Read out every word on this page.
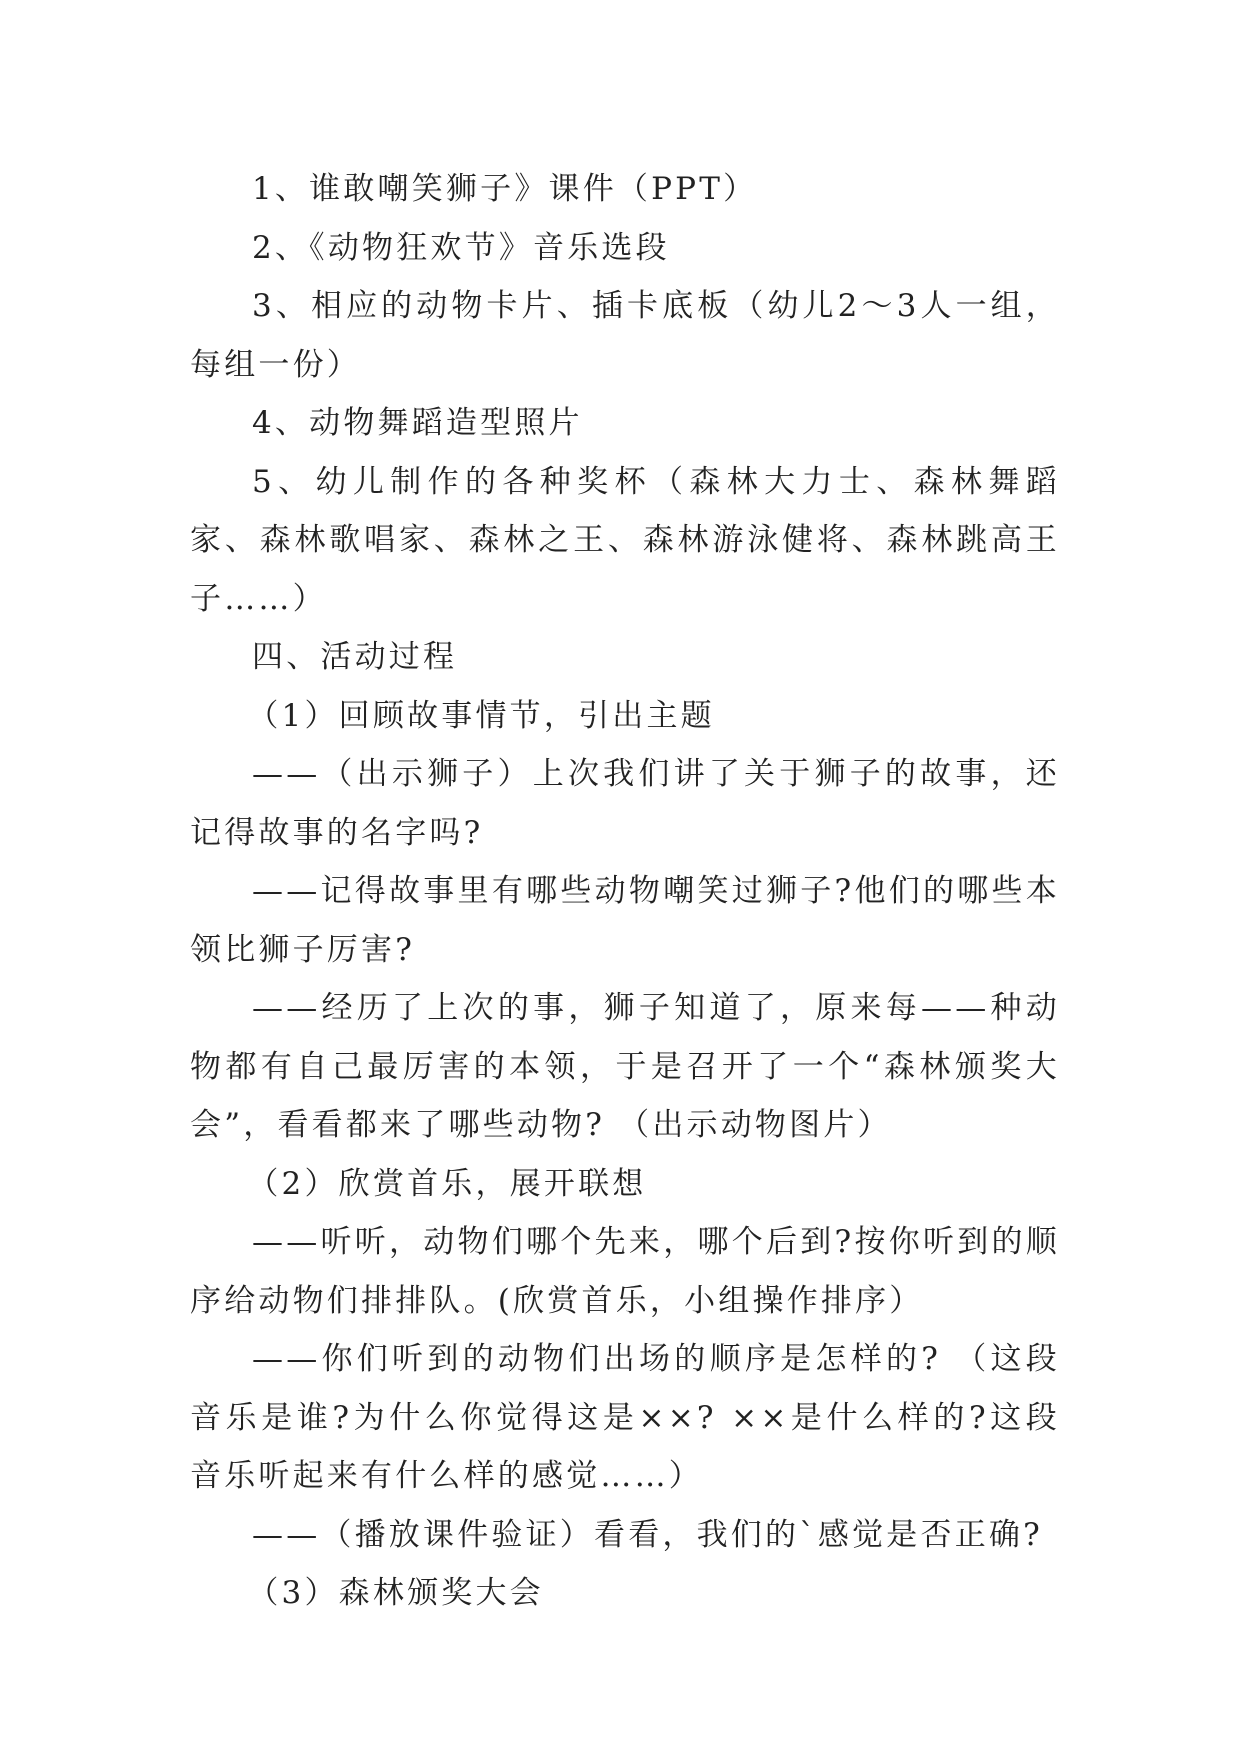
1、谁敢嘲笑狮子》课件（PPT）

2、《动物狂欢节》音乐选段

3、相应的动物卡片、插卡底板（幼儿2～3人一组，每组一份）

4、动物舞蹈造型照片

5、幼儿制作的各种奖杯（森林大力士、森林舞蹈家、森林歌唱家、森林之王、森林游泳健将、森林跳高王子……）

四、活动过程

（1）回顾故事情节，引出主题

——（出示狮子）上次我们讲了关于狮子的故事，还记得故事的名字吗?

——记得故事里有哪些动物嘲笑过狮子?他们的哪些本领比狮子厉害?

——经历了上次的事，狮子知道了，原来每——种动物都有自己最厉害的本领，于是召开了一个“森林颁奖大会”，看看都来了哪些动物? （出示动物图片）

（2）欣赏首乐，展开联想

——听听，动物们哪个先来，哪个后到?按你听到的顺序给动物们排排队。(欣赏首乐，小组操作排序）

——你们听到的动物们出场的顺序是怎样的? （这段音乐是谁?为什么你觉得这是××? ××是什么样的?这段音乐听起来有什么样的感觉……）

——（播放课件验证）看看，我们的`感觉是否正确?

（3）森林颁奖大会
